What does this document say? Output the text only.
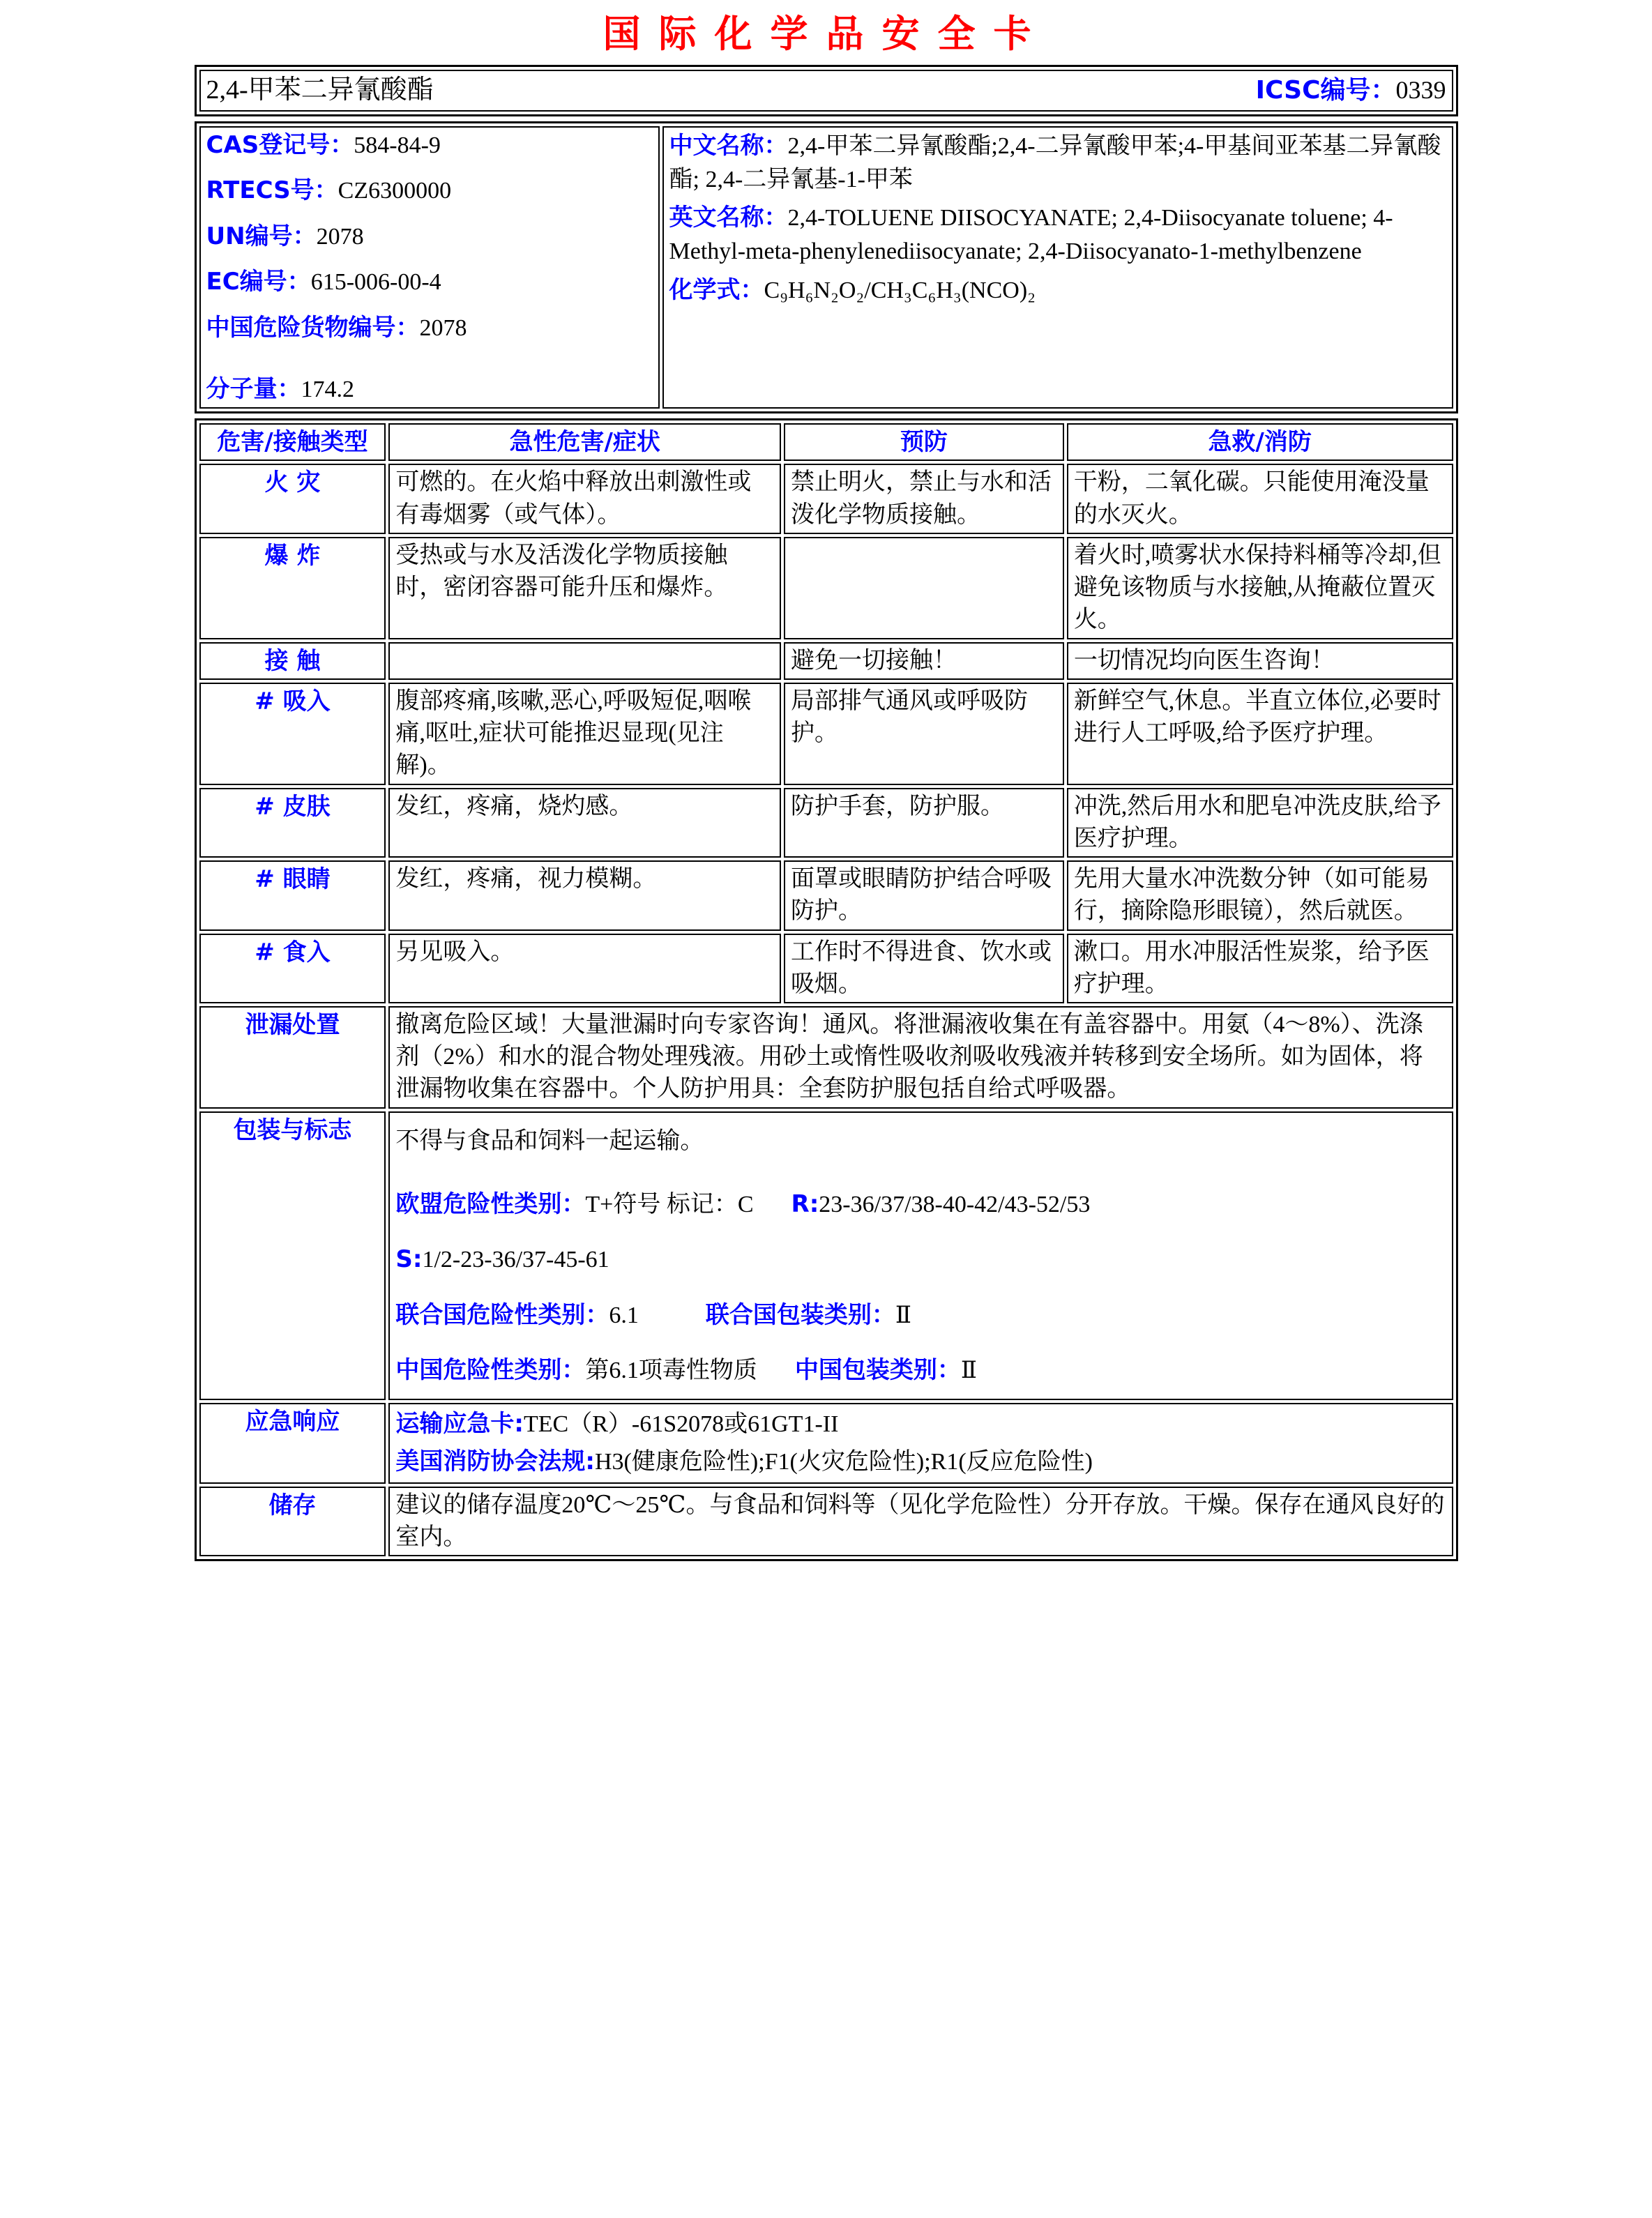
国际化学品安全卡
2,4-甲苯二异氰酸酯	ICSC编号：0339
CAS登记号：584-84-9
RTECS号：CZ6300000
UN编号：2078
EC编号：615-006-00-4
中国危险货物编号：2078
分子量：174.2

中文名称：2,4-甲苯二异氰酸酯;2,4-二异氰酸甲苯;4-甲基间亚苯基二异氰酸酯; 2,4-二异氰基-1-甲苯

英文名称：2,4-TOLUENE DIISOCYANATE; 2,4-Diisocyanate toluene; 4-Methyl-meta-phenylenediisocyanate; 2,4-Diisocyanato-1-methylbenzene

化学式：C₉H₆N₂O₂/CH₃C₆H₃(NCO)₂

危害/接触类型	急性危害/症状	预防	急救/消防
火 灾	可燃的。在火焰中释放出刺激性或有毒烟雾（或气体）。	禁止明火，禁止与水和活泼化学物质接触。	干粉，二氧化碳。只能使用淹没量的水灭火。
爆 炸	受热或与水及活泼化学物质接触时，密闭容器可能升压和爆炸。		着火时,喷雾状水保持料桶等冷却,但避免该物质与水接触,从掩蔽位置灭火。
接 触		避免一切接触！	一切情况均向医生咨询！
# 吸入	腹部疼痛,咳嗽,恶心,呼吸短促,咽喉痛,呕吐,症状可能推迟显现(见注解)。	局部排气通风或呼吸防护。	新鲜空气,休息。半直立体位,必要时进行人工呼吸,给予医疗护理。
# 皮肤	发红，疼痛，烧灼感。	防护手套，防护服。	冲洗,然后用水和肥皂冲洗皮肤,给予医疗护理。
# 眼睛	发红，疼痛，视力模糊。	面罩或眼睛防护结合呼吸防护。	先用大量水冲洗数分钟（如可能易行，摘除隐形眼镜），然后就医。
# 食入	另见吸入。	工作时不得进食、饮水或吸烟。	漱口。用水冲服活性炭浆，给予医疗护理。
泄漏处置	撤离危险区域！大量泄漏时向专家咨询！通风。将泄漏液收集在有盖容器中。用氨（4～8%）、洗涤剂（2%）和水的混合物处理残液。用砂土或惰性吸收剂吸收残液并转移到安全场所。如为固体，将泄漏物收集在容器中。个人防护用具：全套防护服包括自给式呼吸器。		
包装与标志	不得与食品和饲料一起运输。
欧盟危险性类别：T+符号 标记：C R:23-36/37/38-40-42/43-52/53
S:1/2-23-36/37-45-61
联合国危险性类别：6.1 联合国包装类别：Ⅱ
中国危险性类别：第6.1项毒性物质 中国包装类别：Ⅱ		

应急响应	运输应急卡:TEC（R）-61S2078或61GT1-II
美国消防协会法规:H3(健康危险性);F1(火灾危险性);R1(反应危险性)		

储存	建议的储存温度20℃～25℃。与食品和饲料等（见化学危险性）分开存放。干燥。保存在通风良好的室内。		
